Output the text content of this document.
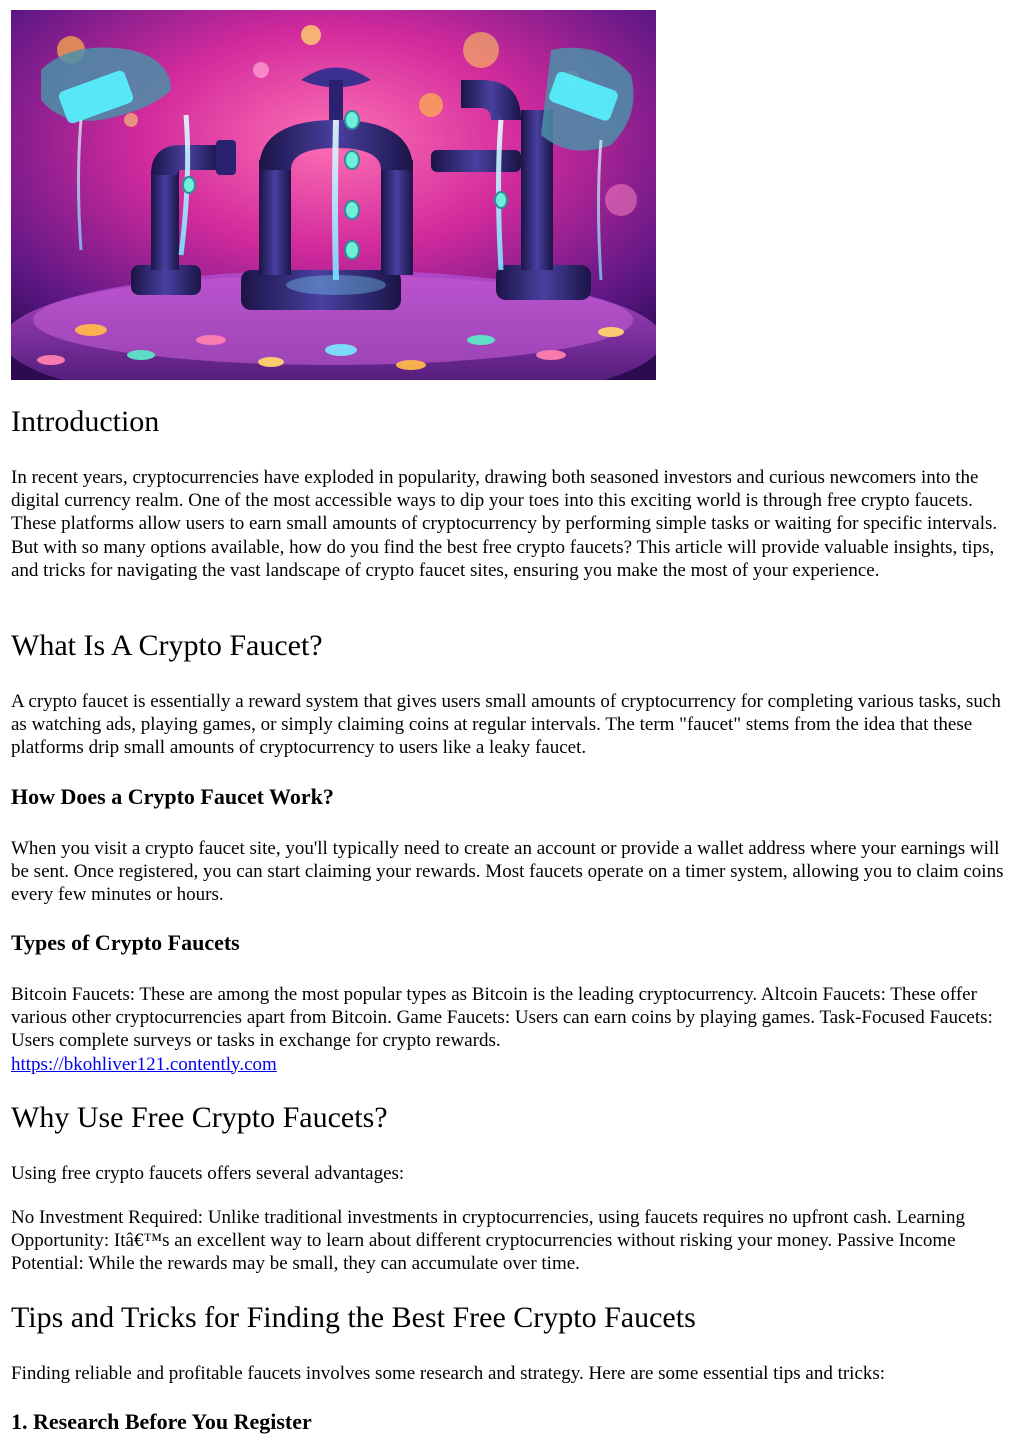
Introduction

In recent years, cryptocurrencies have exploded in popularity, drawing both seasoned investors and curious newcomers into the digital currency realm. One of the most accessible ways to dip your toes into this exciting world is through free crypto faucets. These platforms allow users to earn small amounts of cryptocurrency by performing simple tasks or waiting for specific intervals. But with so many options available, how do you find the best free crypto faucets? This article will provide valuable insights, tips, and tricks for navigating the vast landscape of crypto faucet sites, ensuring you make the most of your experience.

What Is A Crypto Faucet?

A crypto faucet is essentially a reward system that gives users small amounts of cryptocurrency for completing various tasks, such as watching ads, playing games, or simply claiming coins at regular intervals. The term "faucet" stems from the idea that these platforms drip small amounts of cryptocurrency to users like a leaky faucet.

How Does a Crypto Faucet Work?

When you visit a crypto faucet site, you'll typically need to create an account or provide a wallet address where your earnings will be sent. Once registered, you can start claiming your rewards. Most faucets operate on a timer system, allowing you to claim coins every few minutes or hours.

Types of Crypto Faucets

Bitcoin Faucets: These are among the most popular types as Bitcoin is the leading cryptocurrency. Altcoin Faucets: These offer various other cryptocurrencies apart from Bitcoin. Game Faucets: Users can earn coins by playing games. Task-Focused Faucets: Users complete surveys or tasks in exchange for crypto rewards.
https://bkohliver121.contently.com

Why Use Free Crypto Faucets?

Using free crypto faucets offers several advantages:

No Investment Required: Unlike traditional investments in cryptocurrencies, using faucets requires no upfront cash. Learning Opportunity: Itâ€™s an excellent way to learn about different cryptocurrencies without risking your money. Passive Income Potential: While the rewards may be small, they can accumulate over time.

Tips and Tricks for Finding the Best Free Crypto Faucets

Finding reliable and profitable faucets involves some research and strategy. Here are some essential tips and tricks:

1. Research Before You Register
